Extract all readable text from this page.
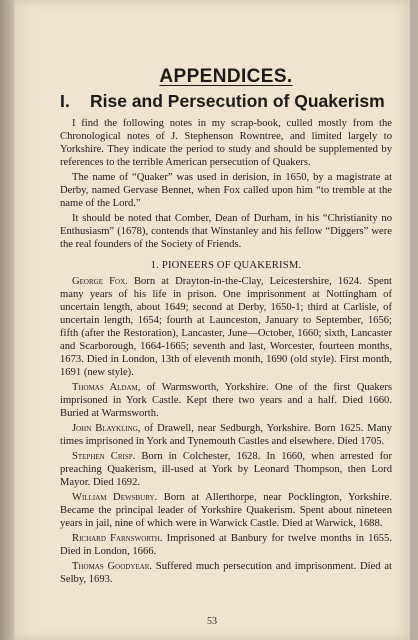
APPENDICES.
I.	Rise and Persecution of Quakerism

I find the following notes in my scrap-book, culled mostly from the Chronological notes of J. Stephenson Rowntree, and limited largely to Yorkshire. They indicate the period to study and should be supplemented by references to the terrible American persecution of Quakers.

The name of “Quaker” was used in derision, in 1650, by a magistrate at Derby, named Gervase Bennet, when Fox called upon him “to tremble at the name of the Lord.”

It should be noted that Comber, Dean of Durham, in his “Christianity no Enthusiasm” (1678), contends that Winstanley and his fellow “Diggers” were the real founders of the Society of Friends.

1. PIONEERS OF QUAKERISM.

George Fox. Born at Drayton-in-the-Clay, Leicestershire, 1624. Spent many years of his life in prison. One imprisonment at Nottingham of uncertain length, about 1649; second at Derby, 1650-1; third at Carlisle, of uncertain length, 1654; fourth at Launceston, January to September, 1656; fifth (after the Restoration), Lancaster, June—October, 1660; sixth, Lancaster and Scarborough, 1664-1665; seventh and last, Worcester, fourteen months, 1673. Died in London, 13th of eleventh month, 1690 (old style). First month, 1691 (new style).

Thomas Aldam, of Warmsworth, Yorkshire. One of the first Quakers imprisoned in York Castle. Kept there two years and a half. Died 1660. Buried at Warmsworth.

John Blaykling, of Drawell, near Sedburgh, Yorkshire. Born 1625. Many times imprisoned in York and Tynemouth Castles and elsewhere. Died 1705.

Stephen Crisp. Born in Colchester, 1628. In 1660, when arrested for preaching Quakerism, ill-used at York by Leonard Thompson, then Lord Mayor. Died 1692.

William Dewsbury. Born at Allerthorpe, near Pocklington, Yorkshire. Became the principal leader of Yorkshire Quakerism. Spent about nineteen years in jail, nine of which were in Warwick Castle. Died at Warwick, 1688.

Richard Farnsworth. Imprisoned at Banbury for twelve months in 1655. Died in London, 1666.

Thomas Goodyear. Suffered much persecution and imprisonment. Died at Selby, 1693.

53
